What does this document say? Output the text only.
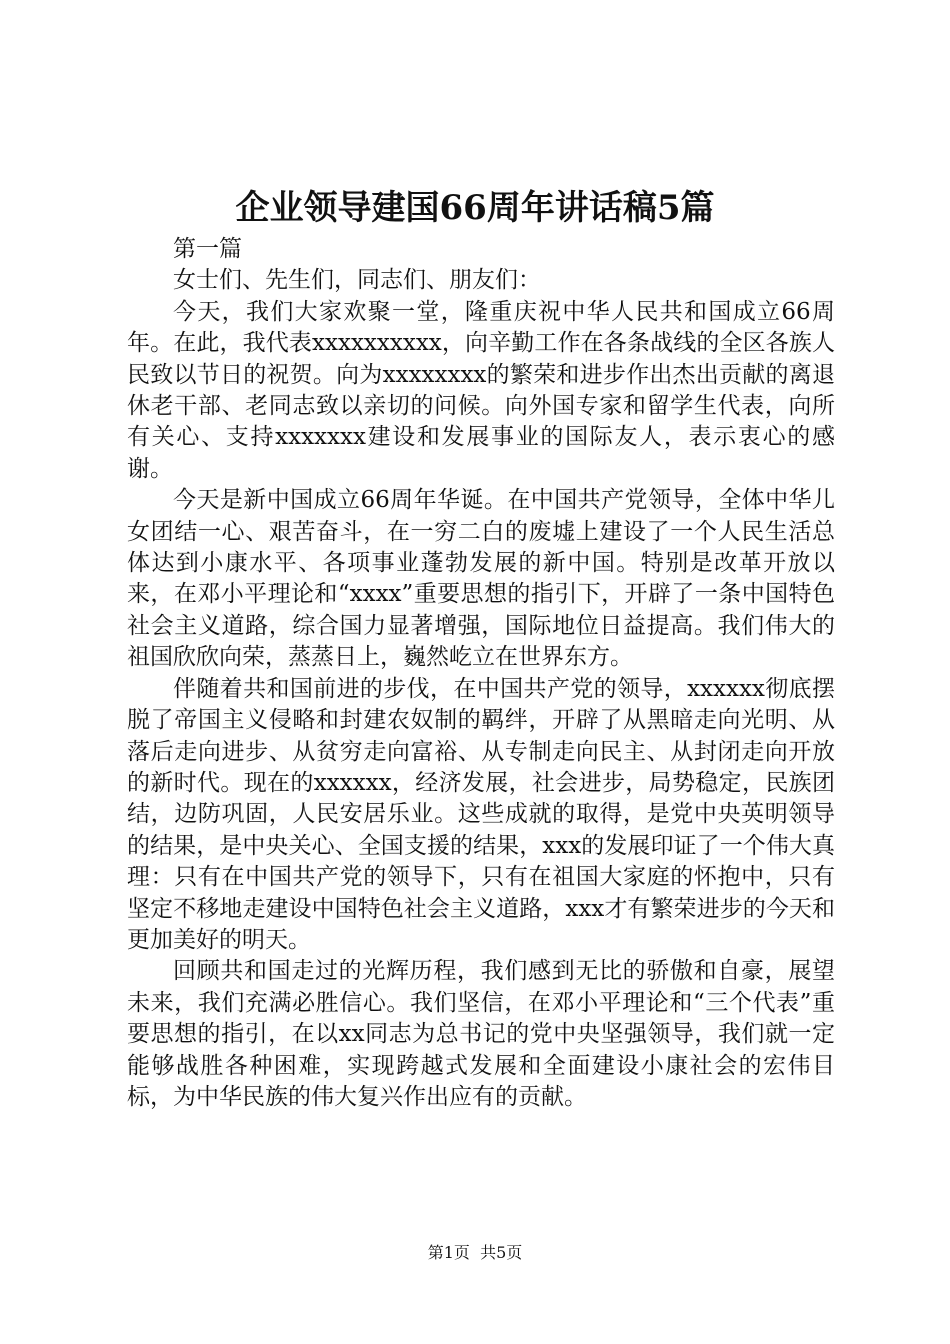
企业领导建国66周年讲话稿5篇

第一篇

女士们、先生们，同志们、朋友们：

今天，我们大家欢聚一堂，隆重庆祝中华人民共和国成立66周年。在此，我代表xxxxxxxxxx，向辛勤工作在各条战线的全区各族人民致以节日的祝贺。向为xxxxxxxx的繁荣和进步作出杰出贡献的离退休老干部、老同志致以亲切的问候。向外国专家和留学生代表，向所有关心、支持xxxxxxx建设和发展事业的国际友人，表示衷心的感谢。

今天是新中国成立66周年华诞。在中国共产党领导，全体中华儿女团结一心、艰苦奋斗，在一穷二白的废墟上建设了一个人民生活总体达到小康水平、各项事业蓬勃发展的新中国。特别是改革开放以来，在邓小平理论和“xxxx”重要思想的指引下，开辟了一条中国特色社会主义道路，综合国力显著增强，国际地位日益提高。我们伟大的祖国欣欣向荣，蒸蒸日上，巍然屹立在世界东方。

伴随着共和国前进的步伐，在中国共产党的领导，xxxxxx彻底摆脱了帝国主义侵略和封建农奴制的羁绊，开辟了从黑暗走向光明、从落后走向进步、从贫穷走向富裕、从专制走向民主、从封闭走向开放的新时代。现在的xxxxxx，经济发展，社会进步，局势稳定，民族团结，边防巩固，人民安居乐业。这些成就的取得，是党中央英明领导的结果，是中央关心、全国支援的结果，xxx的发展印证了一个伟大真理：只有在中国共产党的领导下，只有在祖国大家庭的怀抱中，只有坚定不移地走建设中国特色社会主义道路，xxx才有繁荣进步的今天和更加美好的明天。

回顾共和国走过的光辉历程，我们感到无比的骄傲和自豪，展望未来，我们充满必胜信心。我们坚信，在邓小平理论和“三个代表”重要思想的指引，在以xx同志为总书记的党中央坚强领导，我们就一定能够战胜各种困难，实现跨越式发展和全面建设小康社会的宏伟目标，为中华民族的伟大复兴作出应有的贡献。

第1页  共5页
